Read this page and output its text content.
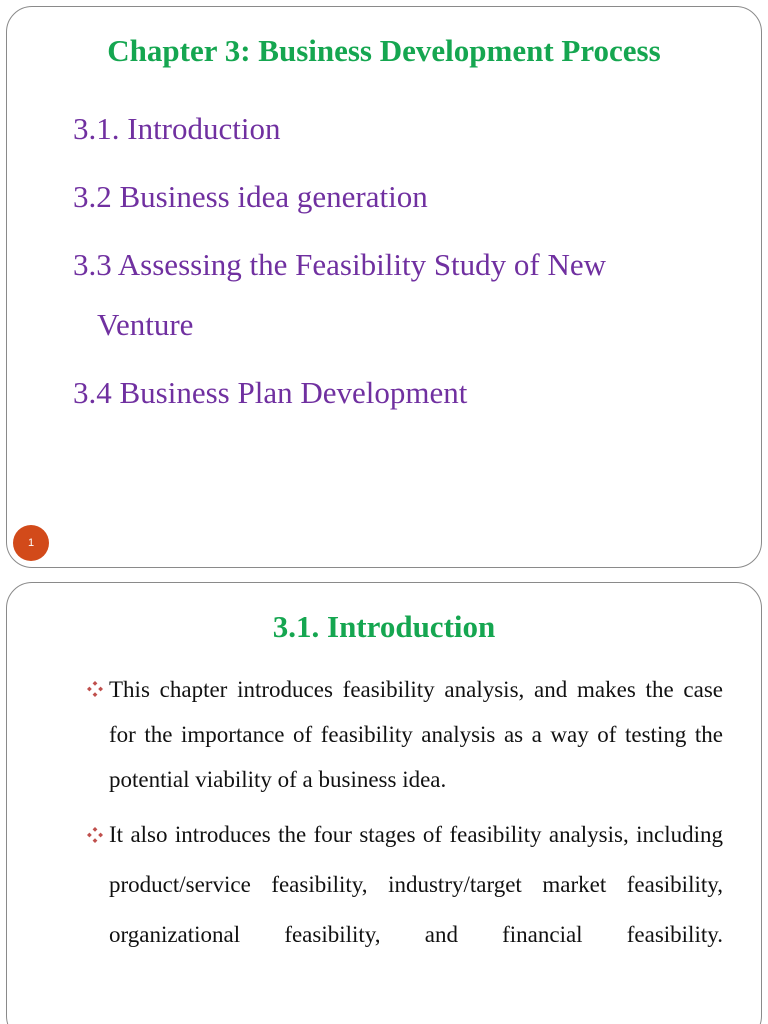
Chapter 3: Business Development Process
3.1. Introduction
3.2 Business idea generation
3.3 Assessing the Feasibility Study of New
Venture
3.4 Business Plan Development
1
3.1. Introduction
This chapter introduces feasibility analysis, and makes the case for the importance of feasibility analysis as a way of testing the potential viability of a business idea.
It also introduces the four stages of feasibility analysis, including product/service feasibility, industry/target market feasibility, organizational feasibility, and financial feasibility.
